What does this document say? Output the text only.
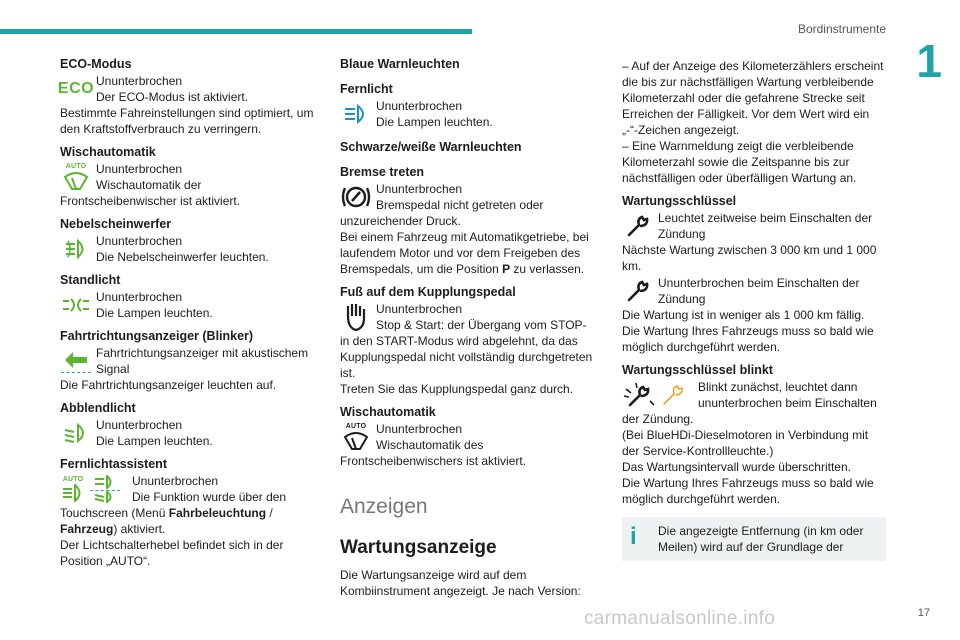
Bordinstrumente
1
ECO-Modus
ECO Ununterbrochen

Der ECO-Modus ist aktiviert.

Bestimmte Fahreinstellungen sind optimiert, um den Kraftstoffverbrauch zu verringern.

Wischautomatik
AUTO Ununterbrochen

Wischautomatik der

Frontscheibenwischer ist aktiviert.

Nebelscheinwerfer

Ununterbrochen

Die Nebelscheinwerfer leuchten.

Standlicht

Ununterbrochen

Die Lampen leuchten.

Fahrtrichtungsanzeiger (Blinker)

Fahrtrichtungsanzeiger mit akustischem

Signal

Die Fahrtrichtungsanzeiger leuchten auf.

Abblendlicht

Ununterbrochen

Die Lampen leuchten.

Fernlichtassistent
AUTO	Ununterbrochen

Die Funktion wurde über den

Touchscreen (Menü Fahrbeleuchtung /
Fahrzeug) aktiviert.

Der Lichtschalterhebel befindet sich in der Position „AUTO“.

Blaue Warnleuchten
Fernlicht

Ununterbrochen

Die Lampen leuchten.

Schwarze/weiße Warnleuchten
Bremse treten

Ununterbrochen

Bremspedal nicht getreten oder

unzureichender Druck.

Bei einem Fahrzeug mit Automatikgetriebe, bei laufendem Motor und vor dem Freigeben des Bremspedals, um die Position P zu verlassen.

Fuß auf dem Kupplungspedal

Ununterbrochen

Stop & Start: der Übergang vom STOP-

in den START-Modus wird abgelehnt, da das Kupplungspedal nicht vollständig durchgetreten ist.

Treten Sie das Kupplungspedal ganz durch.

Wischautomatik
AUTO Ununterbrochen

Wischautomatik des

Frontscheibenwischers ist aktiviert.

Anzeigen
Wartungsanzeige

Die Wartungsanzeige wird auf dem Kombiinstrument angezeigt. Je nach Version:

– Auf der Anzeige des Kilometerzählers erscheint die bis zur nächstfälligen Wartung verbleibende Kilometerzahl oder die gefahrene Strecke seit Erreichen der Fälligkeit. Vor dem Wert wird ein „-“-Zeichen angezeigt.

– Eine Warnmeldung zeigt die verbleibende Kilometerzahl sowie die Zeitspanne bis zur nächstfälligen oder überfälligen Wartung an.

Wartungsschlüssel

Leuchtet zeitweise beim Einschalten der

Zündung

Nächste Wartung zwischen 3 000 km und 1 000 km.

Ununterbrochen beim Einschalten der

Zündung

Die Wartung ist in weniger als 1 000 km fällig.

Die Wartung Ihres Fahrzeugs muss so bald wie möglich durchgeführt werden.

Wartungsschlüssel blinkt

Blinkt zunächst, leuchtet dann

ununterbrochen beim Einschalten

der Zündung.

(Bei BlueHDi-Dieselmotoren in Verbindung mit der Service-Kontrollleuchte.)

Das Wartungsintervall wurde überschritten.

Die Wartung Ihres Fahrzeugs muss so bald wie möglich durchgeführt werden.

i Die angezeigte Entfernung (in km oder Meilen) wird auf der Grundlage der

carmanualsonline.info	17
